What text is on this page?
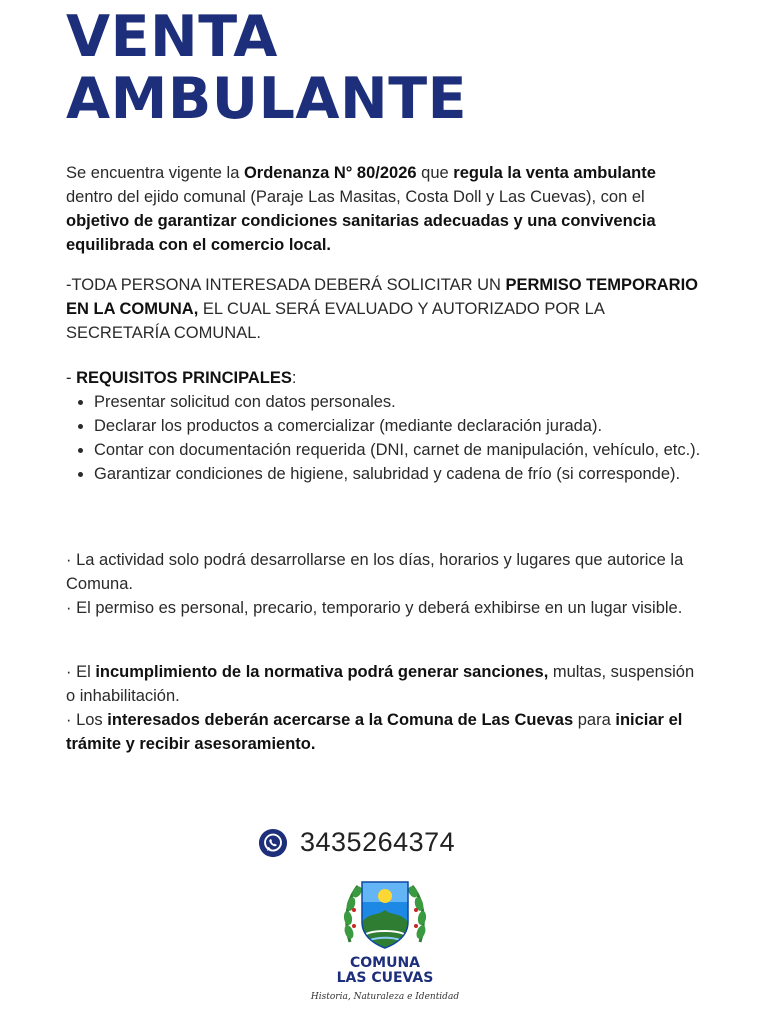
VENTA
AMBULANTE
Se encuentra vigente la Ordenanza N° 80/2026 que regula la venta ambulante dentro del ejido comunal (Paraje Las Masitas, Costa Doll y Las Cuevas), con el objetivo de garantizar condiciones sanitarias adecuadas y una convivencia equilibrada con el comercio local.
-TODA PERSONA INTERESADA DEBERÁ SOLICITAR UN PERMISO TEMPORARIO EN LA COMUNA, EL CUAL SERÁ EVALUADO Y AUTORIZADO POR LA SECRETARÍA COMUNAL.
- REQUISITOS PRINCIPALES:
• Presentar solicitud con datos personales.
• Declarar los productos a comercializar (mediante declaración jurada).
• Contar con documentación requerida (DNI, carnet de manipulación, vehículo, etc.).
• Garantizar condiciones de higiene, salubridad y cadena de frío (si corresponde).
· La actividad solo podrá desarrollarse en los días, horarios y lugares que autorice la Comuna.
· El permiso es personal, precario, temporario y deberá exhibirse en un lugar visible.
· El incumplimiento de la normativa podrá generar sanciones, multas, suspensión o inhabilitación.
· Los interesados deberán acercarse a la Comuna de Las Cuevas para iniciar el trámite y recibir asesoramiento.
3435264374
COMUNA
LAS CUEVAS
Historia, Naturaleza e Identidad
